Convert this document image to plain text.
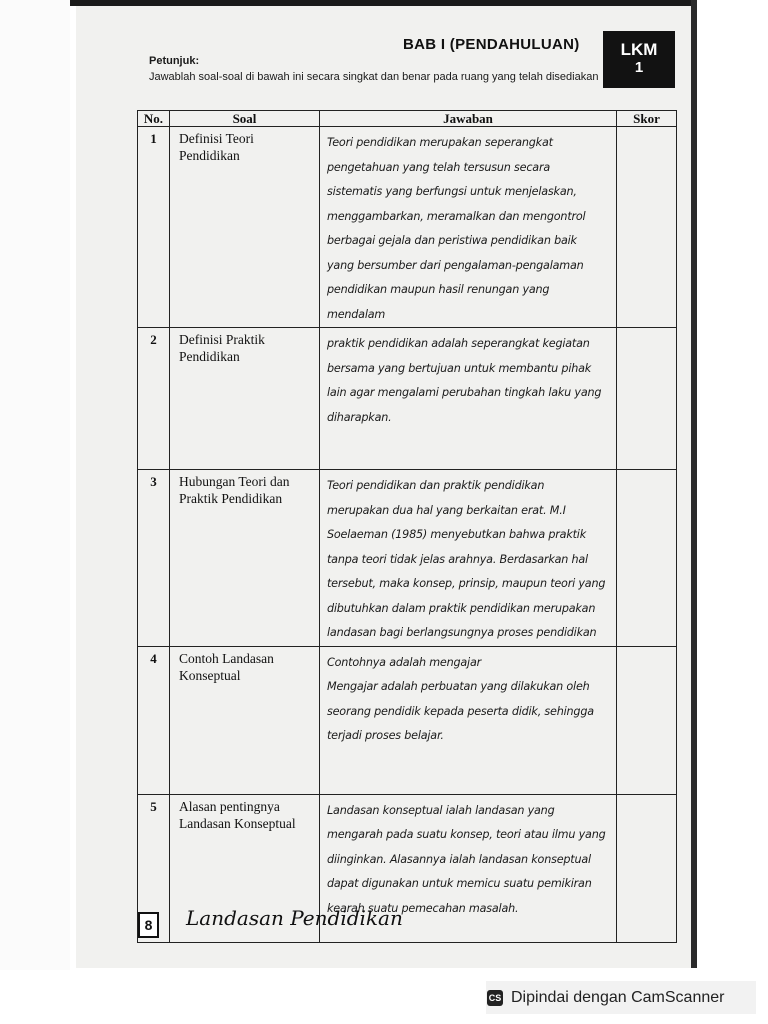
BAB I (PENDAHULUAN)	LKM
1
Petunjuk:
Jawablah soal-soal di bawah ini secara singkat dan benar pada ruang yang telah disediakan
No.	Soal	Jawaban	Skor
1	Definisi Teori Pendidikan	Teori pendidikan merupakan seperangkat pengetahuan yang telah tersusun secara sistematis yang berfungsi untuk menjelaskan, menggambarkan, meramalkan dan mengontrol berbagai gejala dan peristiwa pendidikan baik yang bersumber dari pengalaman-pengalaman pendidikan maupun hasil renungan yang mendalam	
2	Definisi Praktik Pendidikan	praktik pendidikan adalah seperangkat kegiatan bersama yang bertujuan untuk membantu pihak lain agar mengalami perubahan tingkah laku yang diharapkan.	
3	Hubungan Teori dan Praktik Pendidikan	Teori pendidikan dan praktik pendidikan merupakan dua hal yang berkaitan erat. M.I Soelaeman (1985) menyebutkan bahwa praktik tanpa teori tidak jelas arahnya. Berdasarkan hal tersebut, maka konsep, prinsip, maupun teori yang dibutuhkan dalam praktik pendidikan merupakan landasan bagi berlangsungnya proses pendidikan	
4	Contoh Landasan Konseptual	Contohnya adalah mengajar
Mengajar adalah perbuatan yang dilakukan oleh seorang pendidik kepada peserta didik, sehingga terjadi proses belajar.	
5	Alasan pentingnya Landasan Konseptual	Landasan konseptual ialah landasan yang mengarah pada suatu konsep, teori atau ilmu yang diinginkan. Alasannya ialah landasan konseptual dapat digunakan untuk memicu suatu pemikiran kearah suatu pemecahan masalah.	
8	Landasan Pendidikan
CS Dipindai dengan CamScanner
